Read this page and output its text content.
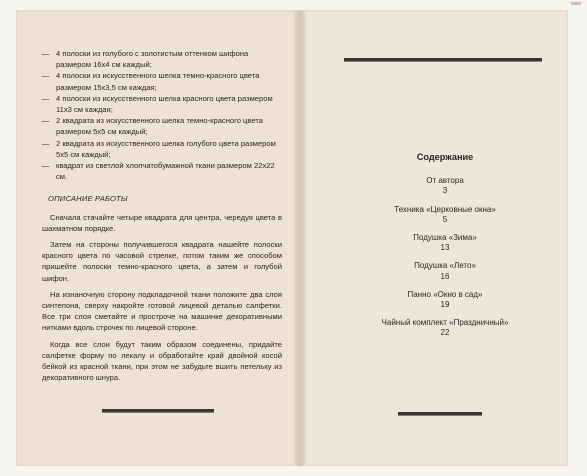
— 4 полоски из голубого с золотистым оттенком шифона размером 16х4 см каждый;
— 4 полоски из искусственного шелка темно-красного цвета размером 15х3,5 см каждая;
— 4 полоски из искусственного шелка красного цвета размером 11х3 см каждая;
— 2 квадрата из искусственного шелка темно-красного цвета размером 5х5 см каждый;
— 2 квадрата из искусственного шелка голубого цвета размером 5х5 см каждый;
— квадрат из светлой хлопчатобумажной ткани размером 22х22 см.
ОПИСАНИЕ РАБОТЫ

Сначала стачайте четыре квадрата для центра, чередуя цвета в шахматном порядке.

Затем на стороны получившегося квадрата нашейте полоски красного цвета по часовой стрелке, потом таким же способом пришейте полоски темно-красного цвета, а затем и голубой шифон.

На изнаночную сторону подкладочной ткани положите два слоя синтепона, сверху накройте готовой лицевой деталью салфетки. Все три слоя сметайте и простроче на машинке декоративными нитками вдоль строчек по лицевой стороне.

Когда все слои будут таким образом соединены, придайте салфетке форму по лекалу и обработайте край двойной косой бейкой из красной ткани, при этом не забудьте вшить петельку из декоративного шнура.

Содержание
От автора
3
Техника «Церковные окна»
5
Подушка «Зима»
13
Подушка «Лето»
16
Панно «Окно в сад»
19
Чайный комплект «Праздничный»
22
